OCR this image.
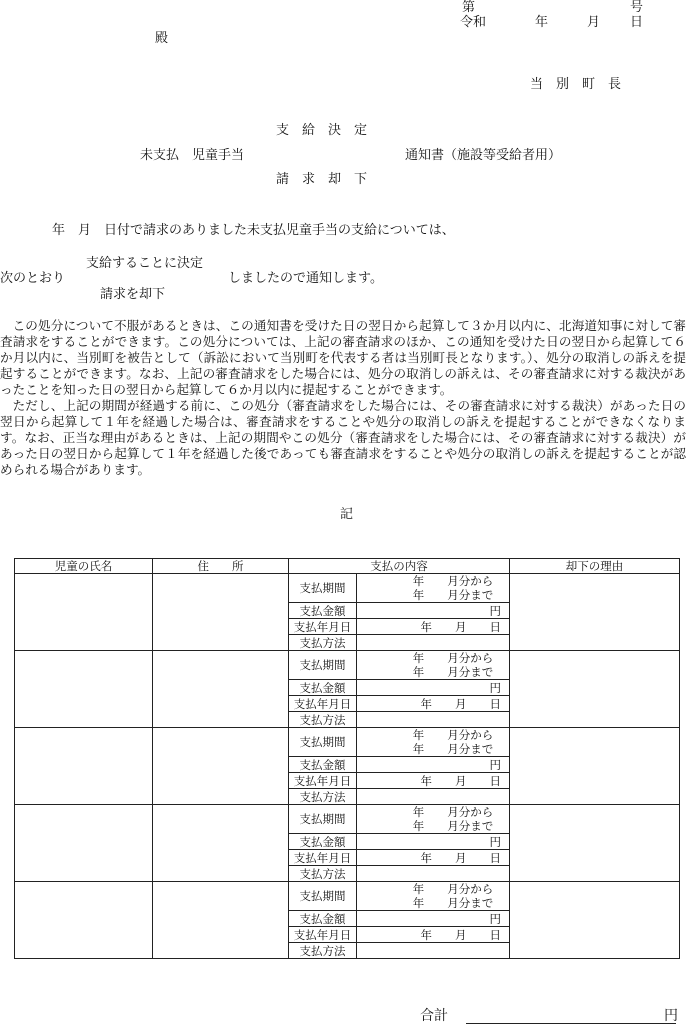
第	号
令和	年	月 日
殿
当　別　町　長
支　給　決　定
未支払　児童手当	通知書（施設等受給者用）
請　求　却　下
年　月　日付で請求のありました未支払児童手当の支給については、
支給することに決定
次のとおり	しましたので通知します。
請求を却下

この処分について不服があるときは、この通知書を受けた日の翌日から起算して３か月以内に、北海道知事に対して審査請求をすることができます。この処分については、上記の審査請求のほか、この通知を受けた日の翌日から起算して６か月以内に、当別町を被告として（訴訟において当別町を代表する者は当別町長となります。）、処分の取消しの訴えを提起することができます。なお、上記の審査請求をした場合には、処分の取消しの訴えは、その審査請求に対する裁決があったことを知った日の翌日から起算して６か月以内に提起することができます。

ただし、上記の期間が経過する前に、この処分（審査請求をした場合には、その審査請求に対する裁決）があった日の翌日から起算して１年を経過した場合は、審査請求をすることや処分の取消しの訴えを提起することができなくなります。なお、正当な理由があるときは、上記の期間やこの処分（審査請求をした場合には、その審査請求に対する裁決）があった日の翌日から起算して１年を経過した後であっても審査請求をすることや処分の取消しの訴えを提起することが認められる場合があります。

記
児童の氏名	住　　所	支払の内容		却下の理由
		支払期間	年　　月分から
年　　月分まで	

		支払金額	円	
		支払年月日	年　　月　　日	
		支払方法		
		支払期間	年　　月分から
年　　月分まで	

		支払金額	円	
		支払年月日	年　　月　　日	
		支払方法		
		支払期間	年　　月分から
年　　月分まで	

		支払金額	円	
		支払年月日	年　　月　　日	
		支払方法		
		支払期間	年　　月分から
年　　月分まで	

		支払金額	円	
		支払年月日	年　　月　　日	
		支払方法		
		支払期間	年　　月分から
年　　月分まで	

		支払金額	円	
		支払年月日	年　　月　　日	
		支払方法		
合計	円
